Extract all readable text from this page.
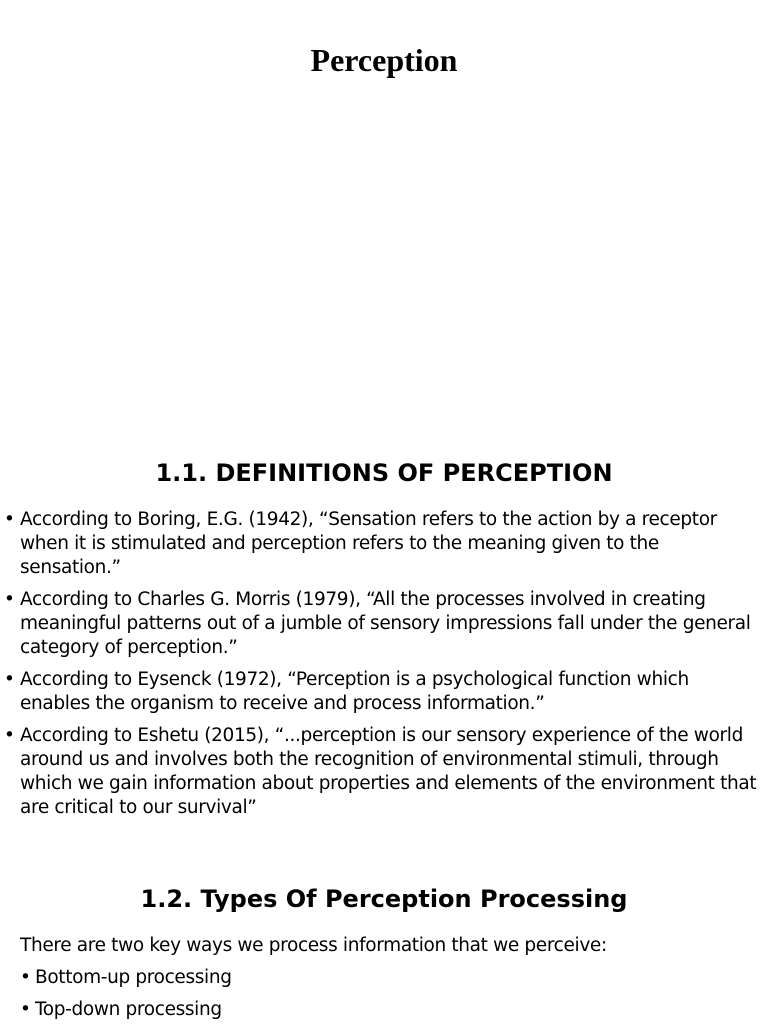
Perception
1.1. DEFINITIONS OF PERCEPTION
• According to Boring, E.G. (1942), “Sensation refers to the action by a receptor when it is stimulated and perception refers to the meaning given to the sensation.”
• According to Charles G. Morris (1979), “All the processes involved in creating meaningful patterns out of a jumble of sensory impressions fall under the general category of perception.”
• According to Eysenck (1972), “Perception is a psychological function which enables the organism to receive and process information.”
• According to Eshetu (2015), “...perception is our sensory experience of the world around us and involves both the recognition of environmental stimuli, through which we gain information about properties and elements of the environment that are critical to our survival”
1.2. Types Of Perception Processing

There are two key ways we process information that we perceive:

• Bottom-up processing
• Top-down processing
